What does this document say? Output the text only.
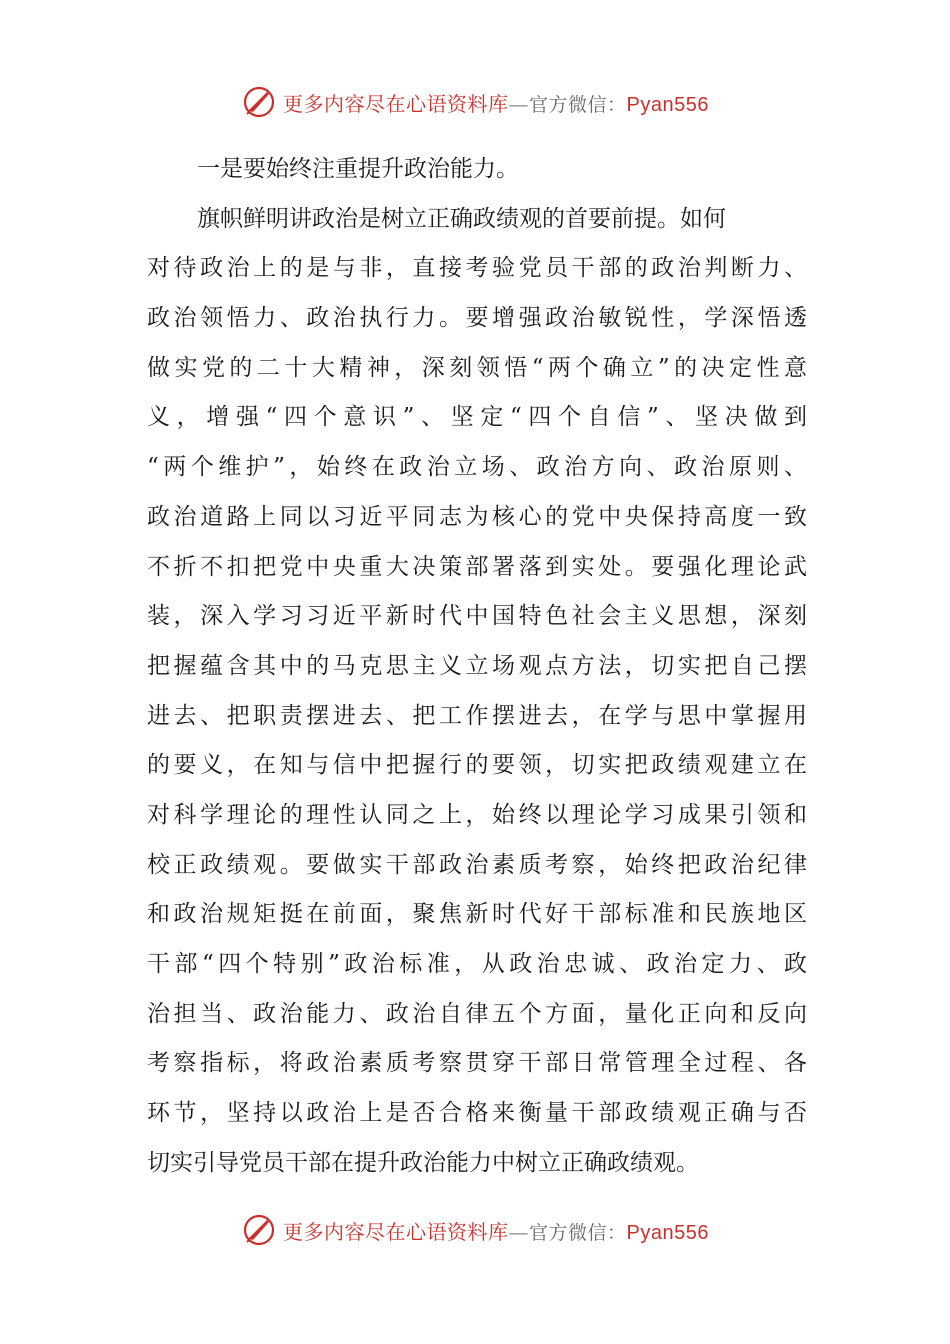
更多内容尽在心语资料库—官方微信：Pyan556
一是要始终注重提升政治能力。
旗帜鲜明讲政治是树立正确政绩观的首要前提。如何
对待政治上的是与非，直接考验党员干部的政治判断力、
政治领悟力、政治执行力。要增强政治敏锐性，学深悟透
做实党的二十大精神，深刻领悟“两个确立”的决定性意
义，增强“四个意识”、坚定“四个自信”、坚决做到
“两个维护”，始终在政治立场、政治方向、政治原则、
政治道路上同以习近平同志为核心的党中央保持高度一致
不折不扣把党中央重大决策部署落到实处。要强化理论武
装，深入学习习近平新时代中国特色社会主义思想，深刻
把握蕴含其中的马克思主义立场观点方法，切实把自己摆
进去、把职责摆进去、把工作摆进去，在学与思中掌握用
的要义，在知与信中把握行的要领，切实把政绩观建立在
对科学理论的理性认同之上，始终以理论学习成果引领和
校正政绩观。要做实干部政治素质考察，始终把政治纪律
和政治规矩挺在前面，聚焦新时代好干部标准和民族地区
干部“四个特别”政治标准，从政治忠诚、政治定力、政
治担当、政治能力、政治自律五个方面，量化正向和反向
考察指标，将政治素质考察贯穿干部日常管理全过程、各
环节，坚持以政治上是否合格来衡量干部政绩观正确与否
切实引导党员干部在提升政治能力中树立正确政绩观。
更多内容尽在心语资料库—官方微信：Pyan556
